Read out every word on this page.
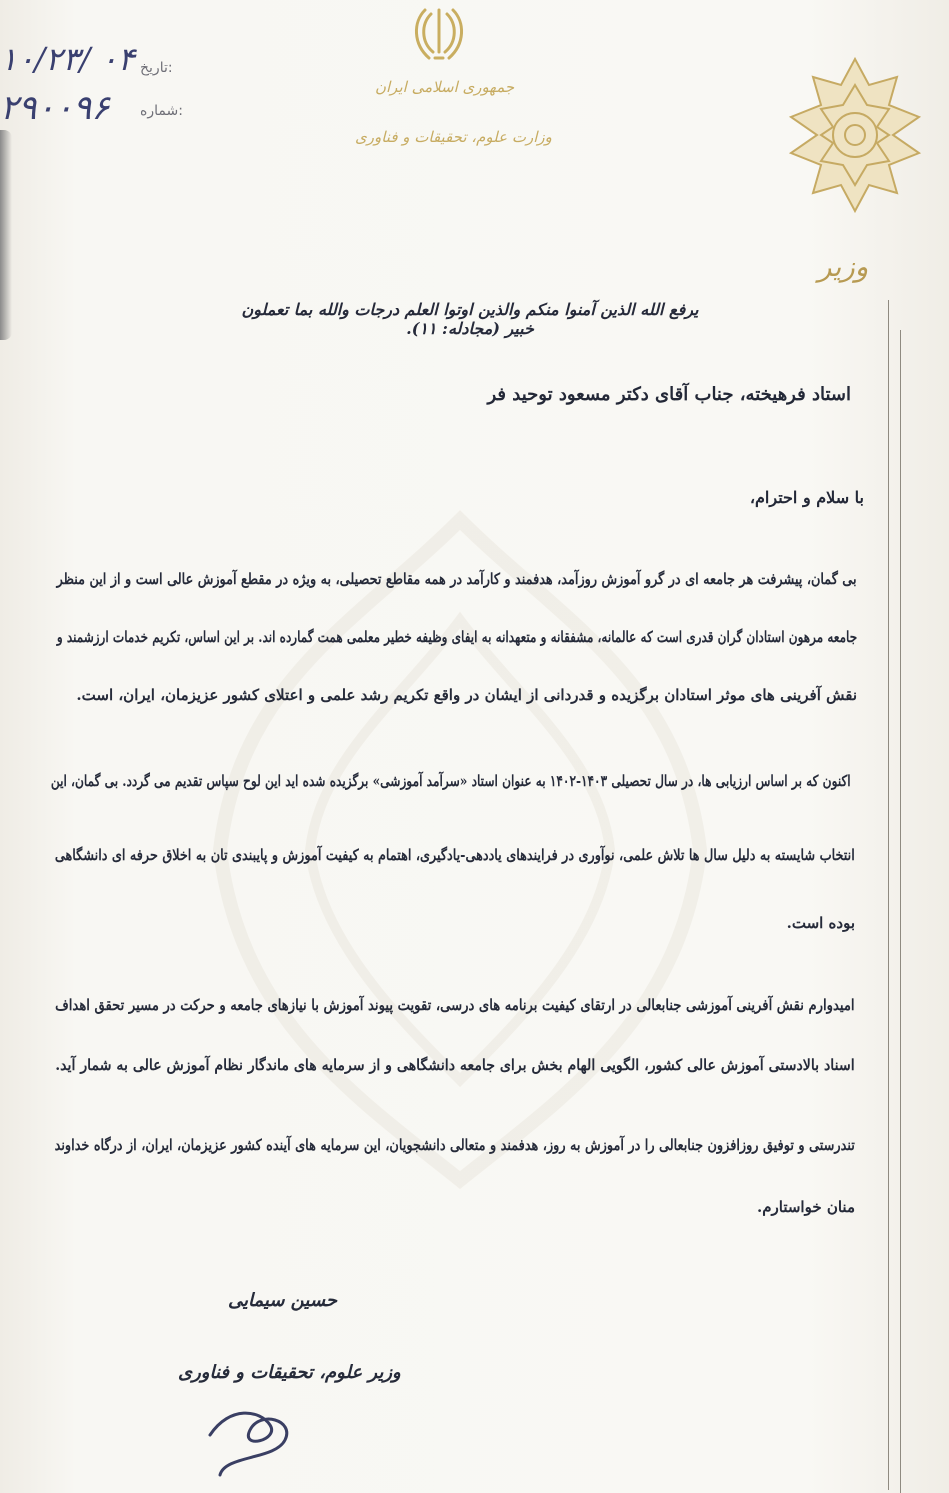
تاریخ:
۱۰/۲۳/ ۰۴
شماره:
۲۹۰۰۹۶
جمهوری اسلامی ایران
وزارت علوم، تحقیقات و فناوری
وزیر
یرفع الله الذین آمنوا منکم والذین اوتوا العلم درجات والله بما تعملون خبیر (مجادله: ۱۱).
استاد فرهیخته، جناب آقای دکتر مسعود توحید فر
با سلام و احترام،
بی گمان، پیشرفت هر جامعه ای در گرو آموزش روزآمد، هدفمند و کارآمد در همه مقاطع تحصیلی، به ویژه در مقطع آموزش عالی است و از این منظر
جامعه مرهون استادان گران قدری است که عالمانه، مشفقانه و متعهدانه به ایفای وظیفه خطیر معلمی همت گمارده اند. بر این اساس، تکریم خدمات ارزشمند و
نقش آفرینی های موثر استادان برگزیده و قدردانی از ایشان در واقع تکریم رشد علمی و اعتلای کشور عزیزمان، ایران، است.
اکنون که بر اساس ارزیابی ها، در سال تحصیلی ۱۴۰۳-۱۴۰۲ به عنوان استاد «سرآمد آموزشی» برگزیده شده اید این لوح سپاس تقدیم می گردد. بی گمان، این
انتخاب شایسته به دلیل سال ها تلاش علمی، نوآوری در فرایندهای یاددهی-یادگیری، اهتمام به کیفیت آموزش و پایبندی تان به اخلاق حرفه ای دانشگاهی
بوده است.
امیدوارم نقش آفرینی آموزشی جنابعالی در ارتقای کیفیت برنامه های درسی، تقویت پیوند آموزش با نیازهای جامعه و حرکت در مسیر تحقق اهداف
اسناد بالادستی آموزش عالی کشور، الگویی الهام بخش برای جامعه دانشگاهی و از سرمایه های ماندگار نظام آموزش عالی به شمار آید.
تندرستی و توفیق روزافزون جنابعالی را در آموزش به روز، هدفمند و متعالی دانشجویان، این سرمایه های آینده کشور عزیزمان، ایران، از درگاه خداوند
منان خواستارم.
حسین سیمایی
وزیر علوم، تحقیقات و فناوری
